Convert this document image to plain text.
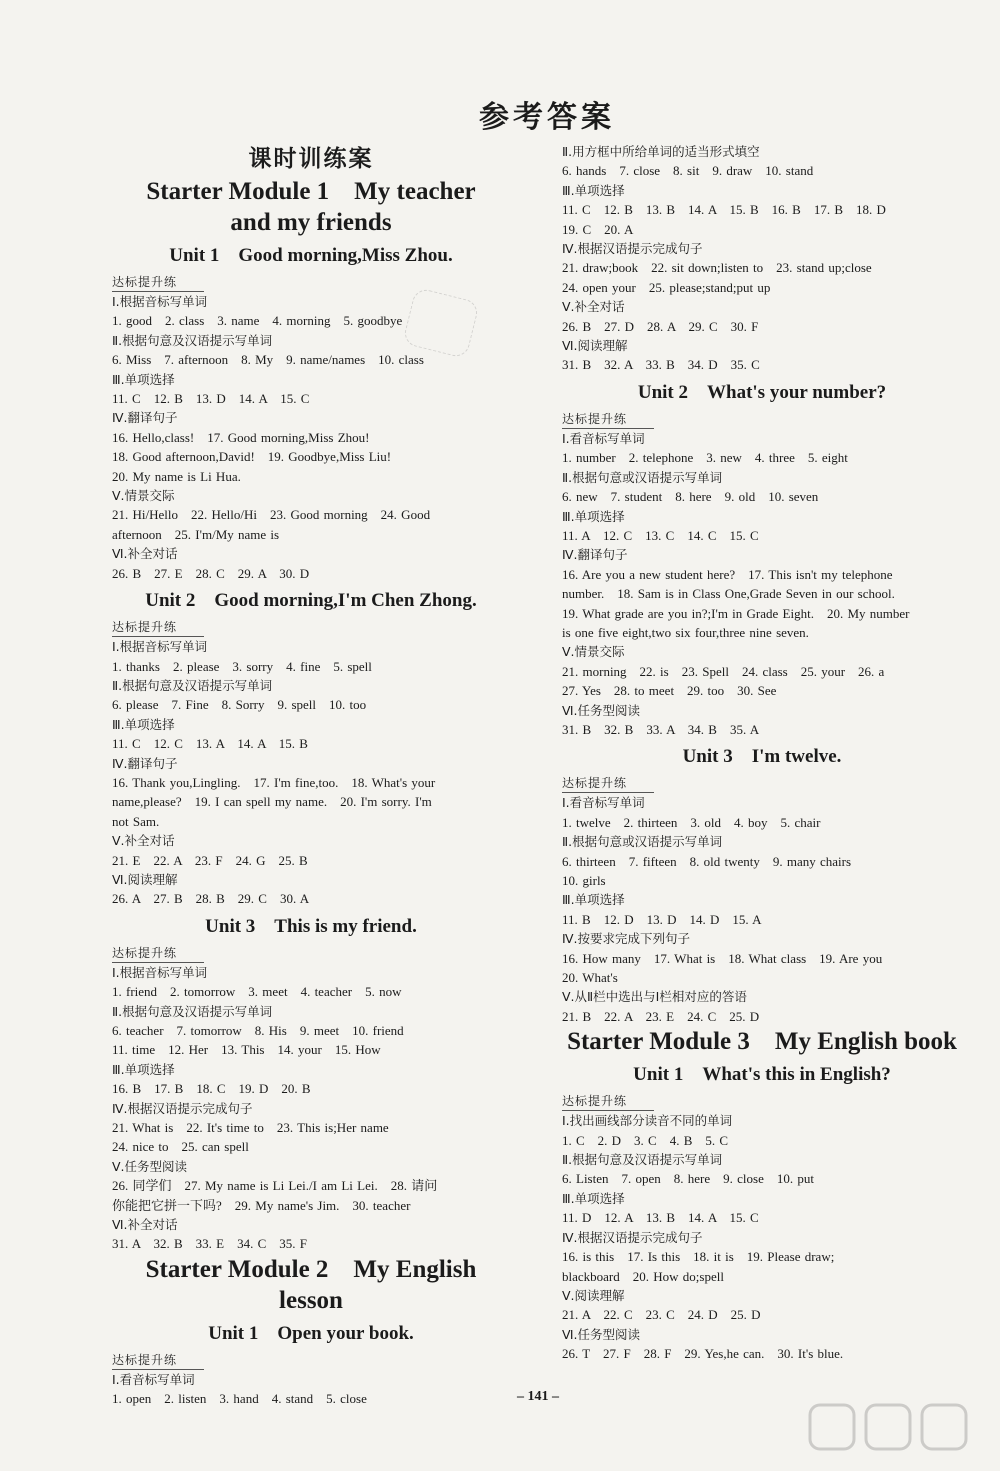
参考答案
课时训练案
Starter Module 1　My teacher
and my friends
Unit 1　Good morning,Miss Zhou.
达标提升练
Ⅰ.根据音标写单词
1. good　2. class　3. name　4. morning　5. goodbye
Ⅱ.根据句意及汉语提示写单词
6. Miss　7. afternoon　8. My　9. name/names　10. class
Ⅲ.单项选择
11. C　12. B　13. D　14. A　15. C
Ⅳ.翻译句子
16. Hello,class!　17. Good morning,Miss Zhou!
18. Good afternoon,David!　19. Goodbye,Miss Liu!
20. My name is Li Hua.
Ⅴ.情景交际
21. Hi/Hello　22. Hello/Hi　23. Good morning　24. Good
afternoon　25. I'm/My name is
Ⅵ.补全对话
26. B　27. E　28. C　29. A　30. D
Unit 2　Good morning,I'm Chen Zhong.
达标提升练
Ⅰ.根据音标写单词
1. thanks　2. please　3. sorry　4. fine　5. spell
Ⅱ.根据句意及汉语提示写单词
6. please　7. Fine　8. Sorry　9. spell　10. too
Ⅲ.单项选择
11. C　12. C　13. A　14. A　15. B
Ⅳ.翻译句子
16. Thank you,Lingling.　17. I'm fine,too.　18. What's your
name,please?　19. I can spell my name.　20. I'm sorry. I'm
not Sam.
Ⅴ.补全对话
21. E　22. A　23. F　24. G　25. B
Ⅵ.阅读理解
26. A　27. B　28. B　29. C　30. A
Unit 3　This is my friend.
达标提升练
Ⅰ.根据音标写单词
1. friend　2. tomorrow　3. meet　4. teacher　5. now
Ⅱ.根据句意及汉语提示写单词
6. teacher　7. tomorrow　8. His　9. meet　10. friend
11. time　12. Her　13. This　14. your　15. How
Ⅲ.单项选择
16. B　17. B　18. C　19. D　20. B
Ⅳ.根据汉语提示完成句子
21. What is　22. It's time to　23. This is;Her name
24. nice to　25. can spell
Ⅴ.任务型阅读
26. 同学们　27. My name is Li Lei./I am Li Lei.　28. 请问
你能把它拼一下吗?　29. My name's Jim.　30. teacher
Ⅵ.补全对话
31. A　32. B　33. E　34. C　35. F
Starter Module 2　My English lesson
Unit 1　Open your book.
达标提升练
Ⅰ.看音标写单词
1. open　2. listen　3. hand　4. stand　5. close
Ⅱ.用方框中所给单词的适当形式填空
6. hands　7. close　8. sit　9. draw　10. stand
Ⅲ.单项选择
11. C　12. B　13. B　14. A　15. B　16. B　17. B　18. D
19. C　20. A
Ⅳ.根据汉语提示完成句子
21. draw;book　22. sit down;listen to　23. stand up;close
24. open your　25. please;stand;put up
Ⅴ.补全对话
26. B　27. D　28. A　29. C　30. F
Ⅵ.阅读理解
31. B　32. A　33. B　34. D　35. C
Unit 2　What's your number?
达标提升练
Ⅰ.看音标写单词
1. number　2. telephone　3. new　4. three　5. eight
Ⅱ.根据句意或汉语提示写单词
6. new　7. student　8. here　9. old　10. seven
Ⅲ.单项选择
11. A　12. C　13. C　14. C　15. C
Ⅳ.翻译句子
16. Are you a new student here?　17. This isn't my telephone
number.　18. Sam is in Class One,Grade Seven in our school.
19. What grade are you in?;I'm in Grade Eight.　20. My number
is one five eight,two six four,three nine seven.
Ⅴ.情景交际
21. morning　22. is　23. Spell　24. class　25. your　26. a
27. Yes　28. to meet　29. too　30. See
Ⅵ.任务型阅读
31. B　32. B　33. A　34. B　35. A
Unit 3　I'm twelve.
达标提升练
Ⅰ.看音标写单词
1. twelve　2. thirteen　3. old　4. boy　5. chair
Ⅱ.根据句意或汉语提示写单词
6. thirteen　7. fifteen　8. old twenty　9. many chairs
10. girls
Ⅲ.单项选择
11. B　12. D　13. D　14. D　15. A
Ⅳ.按要求完成下列句子
16. How many　17. What is　18. What class　19. Are you
20. What's
Ⅴ.从Ⅱ栏中选出与Ⅰ栏相对应的答语
21. B　22. A　23. E　24. C　25. D
Starter Module 3　My English book
Unit 1　What's this in English?
达标提升练
Ⅰ.找出画线部分读音不同的单词
1. C　2. D　3. C　4. B　5. C
Ⅱ.根据句意及汉语提示写单词
6. Listen　7. open　8. here　9. close　10. put
Ⅲ.单项选择
11. D　12. A　13. B　14. A　15. C
Ⅳ.根据汉语提示完成句子
16. is this　17. Is this　18. it is　19. Please draw;
blackboard　20. How do;spell
Ⅴ.阅读理解
21. A　22. C　23. C　24. D　25. D
Ⅵ.任务型阅读
26. T　27. F　28. F　29. Yes,he can.　30. It's blue.
– 141 –
